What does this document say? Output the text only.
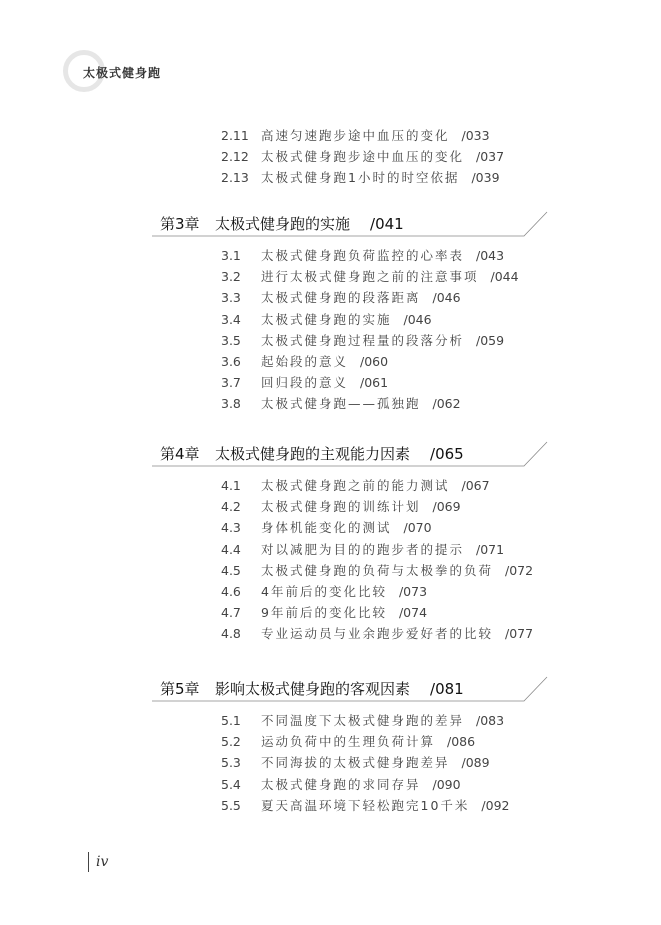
太极式健身跑
2.11 高速匀速跑步途中血压的变化 /033
2.12 太极式健身跑步途中血压的变化 /037
2.13 太极式健身跑1小时的时空依据 /039
第3章 太极式健身跑的实施 /041
3.1 太极式健身跑负荷监控的心率表 /043
3.2 进行太极式健身跑之前的注意事项 /044
3.3 太极式健身跑的段落距离 /046
3.4 太极式健身跑的实施 /046
3.5 太极式健身跑过程量的段落分析 /059
3.6 起始段的意义 /060
3.7 回归段的意义 /061
3.8 太极式健身跑——孤独跑 /062
第4章 太极式健身跑的主观能力因素 /065
4.1 太极式健身跑之前的能力测试 /067
4.2 太极式健身跑的训练计划 /069
4.3 身体机能变化的测试 /070
4.4 对以减肥为目的的跑步者的提示 /071
4.5 太极式健身跑的负荷与太极拳的负荷 /072
4.6 4年前后的变化比较 /073
4.7 9年前后的变化比较 /074
4.8 专业运动员与业余跑步爱好者的比较 /077
第5章 影响太极式健身跑的客观因素 /081
5.1 不同温度下太极式健身跑的差异 /083
5.2 运动负荷中的生理负荷计算 /086
5.3 不同海拔的太极式健身跑差异 /089
5.4 太极式健身跑的求同存异 /090
5.5 夏天高温环境下轻松跑完10千米 /092
iv
